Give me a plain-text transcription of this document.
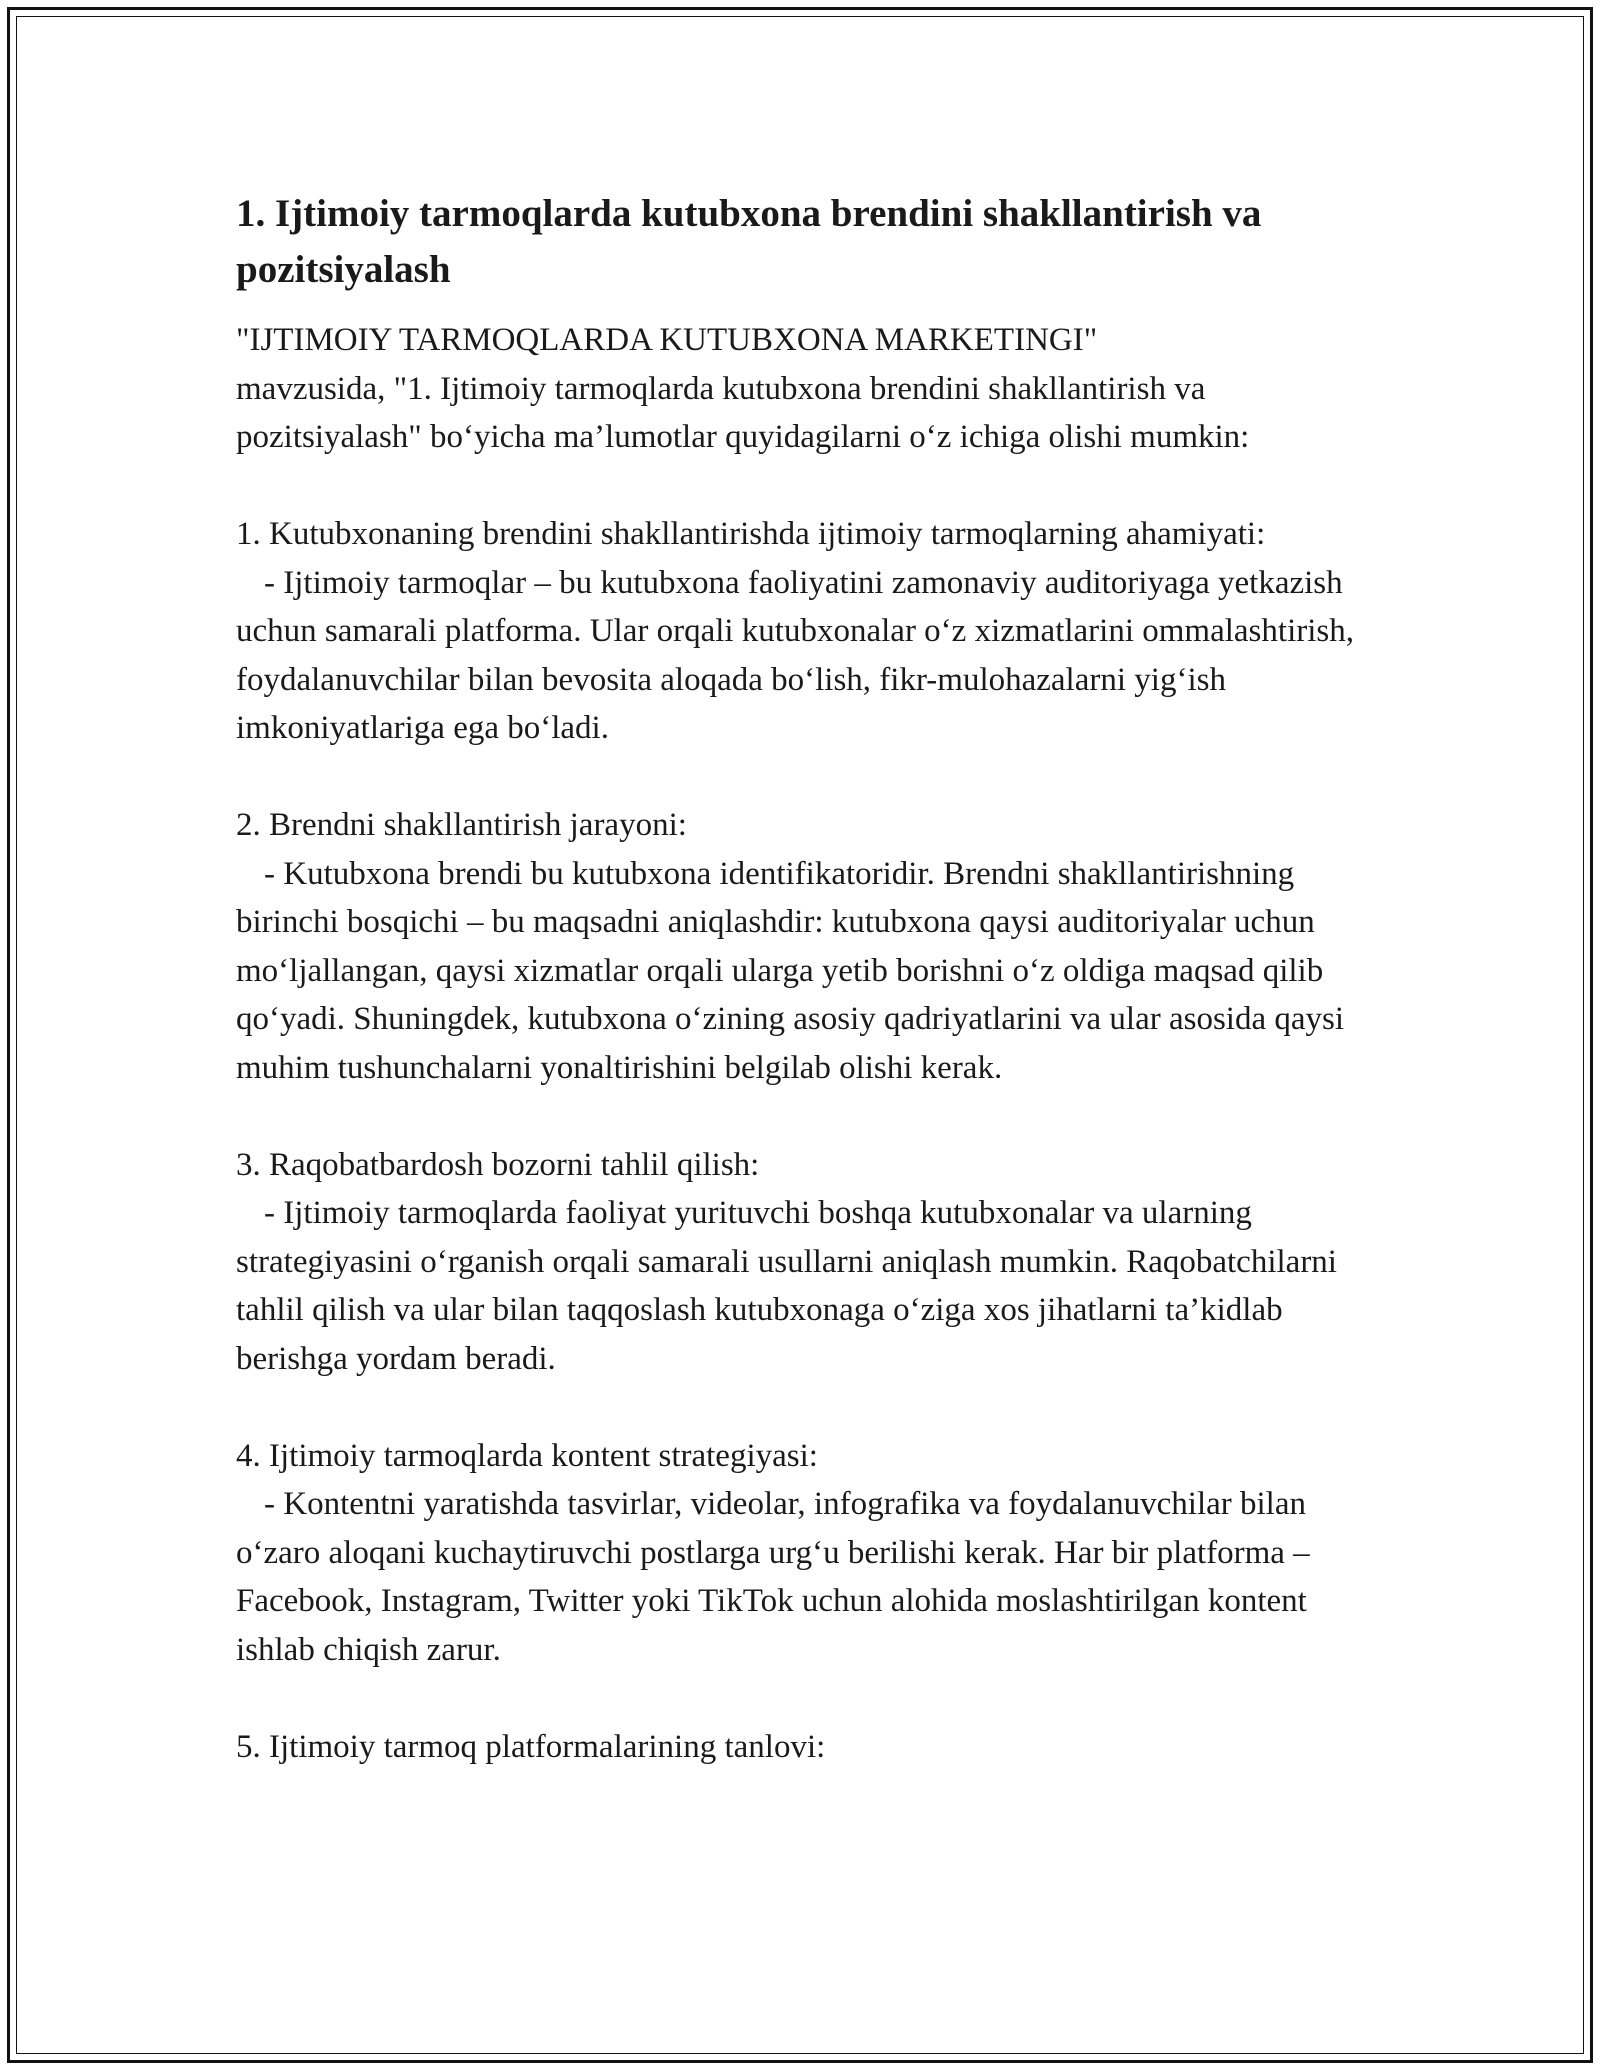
1. Ijtimoiy tarmoqlarda kutubxona brendini shakllantirish va
pozitsiyalash

"IJTIMOIY TARMOQLARDA KUTUBXONA MARKETINGI"

mavzusida, "1. Ijtimoiy tarmoqlarda kutubxona brendini shakllantirish va

pozitsiyalash" bo‘yicha ma’lumotlar quyidagilarni o‘z ichiga olishi mumkin:

1. Kutubxonaning brendini shakllantirishda ijtimoiy tarmoqlarning ahamiyati:

- Ijtimoiy tarmoqlar – bu kutubxona faoliyatini zamonaviy auditoriyaga yetkazish uchun samarali platforma. Ular orqali kutubxonalar o‘z xizmatlarini ommalashtirish, foydalanuvchilar bilan bevosita aloqada bo‘lish, fikr-mulohazalarni yig‘ish imkoniyatlariga ega bo‘ladi.

2. Brendni shakllantirish jarayoni:

- Kutubxona brendi bu kutubxona identifikatoridir. Brendni shakllantirishning birinchi bosqichi – bu maqsadni aniqlashdir: kutubxona qaysi auditoriyalar uchun mo‘ljallangan, qaysi xizmatlar orqali ularga yetib borishni o‘z oldiga maqsad qilib qo‘yadi. Shuningdek, kutubxona o‘zining asosiy qadriyatlarini va ular asosida qaysi muhim tushunchalarni yonaltirishini belgilab olishi kerak.

3. Raqobatbardosh bozorni tahlil qilish:

- Ijtimoiy tarmoqlarda faoliyat yurituvchi boshqa kutubxonalar va ularning strategiyasini o‘rganish orqali samarali usullarni aniqlash mumkin. Raqobatchilarni tahlil qilish va ular bilan taqqoslash kutubxonaga o‘ziga xos jihatlarni ta’kidlab berishga yordam beradi.

4. Ijtimoiy tarmoqlarda kontent strategiyasi:

- Kontentni yaratishda tasvirlar, videolar, infografika va foydalanuvchilar bilan o‘zaro aloqani kuchaytiruvchi postlarga urg‘u berilishi kerak. Har bir platforma – Facebook, Instagram, Twitter yoki TikTok uchun alohida moslashtirilgan kontent ishlab chiqish zarur.

5. Ijtimoiy tarmoq platformalarining tanlovi:
